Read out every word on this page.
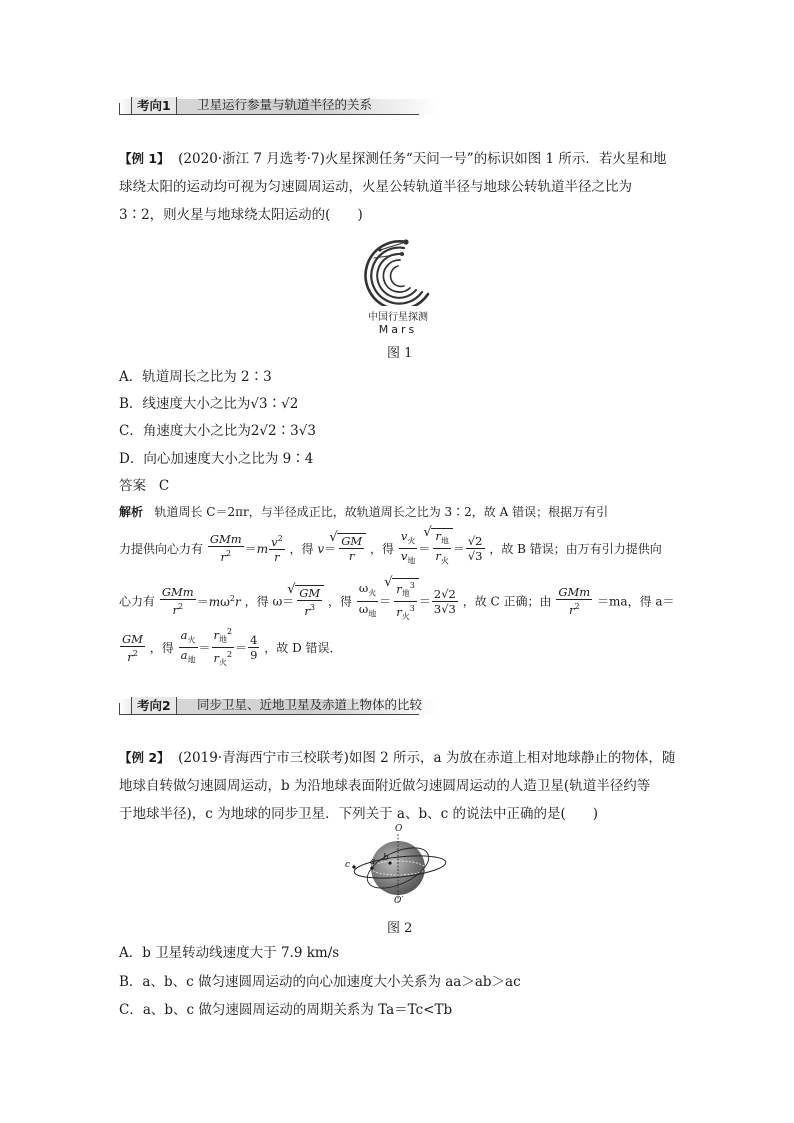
考向1	卫星运行参量与轨道半径的关系
【例 1】 (2020·浙江 7 月选考·7)火星探测任务“天问一号”的标识如图 1 所示．若火星和地
球绕太阳的运动均可视为匀速圆周运动，火星公转轨道半径与地球公转轨道半径之比为
3∶2，则火星与地球绕太阳运动的(　　)
中国行星探测
Mars
图 1
A．轨道周长之比为 2∶3
B．线速度大小之比为√3∶√2
C．角速度大小之比为2√2∶3√3
D．向心加速度大小之比为 9∶4
答案 C
解析 轨道周长 C＝2πr，与半径成正比，故轨道周长之比为 3∶2，故 A 错误；根据万有引
力提供向心力有 $\frac{\text{GMm}}{r^2} =m \frac{v^2}{r}$ ，得 v＝ √ $\frac{GM}{r}$ ，得 $\frac{v_火}{v_地}$ ＝ √ $\frac{r_地}{r_火} = \frac{√2}{√3}$ ，故 B 错误；由万有引力提供向
心力有 $\frac{\text{GMm}}{r^2} =m\omega^2r$ ，得 ω＝ √ $\frac{GM}{r^3}$ ，得 $\frac{\omega_火}{\omega_地}$ ＝ √ $\frac{r_地^3}{r_火^3} = \frac{2√2}{3√3}$ ，故 C 正确；由 $\frac{\text{GMm}}{r^2} =ma$，得 a＝
$\frac{GM}{r^2}$ ，得 $\frac{a_火}{a_地} = \frac{r_地^2}{r_火^2} = \frac{4}{9}$ ，故 D 错误．
考向2	同步卫星、近地卫星及赤道上物体的比较
【例 2】 (2019·青海西宁市三校联考)如图 2 所示，a 为放在赤道上相对地球静止的物体，随
地球自转做匀速圆周运动，b 为沿地球表面附近做匀速圆周运动的人造卫星(轨道半径约等
于地球半径)，c 为地球的同步卫星．下列关于 a、b、c 的说法中正确的是(　　)
O
O′
a b
c
图 2
A．b 卫星转动线速度大于 7.9 km/s
B．a、b、c 做匀速圆周运动的向心加速度大小关系为 aa＞ab＞ac
C．a、b、c 做匀速圆周运动的周期关系为 Ta＝Tc<Tb
